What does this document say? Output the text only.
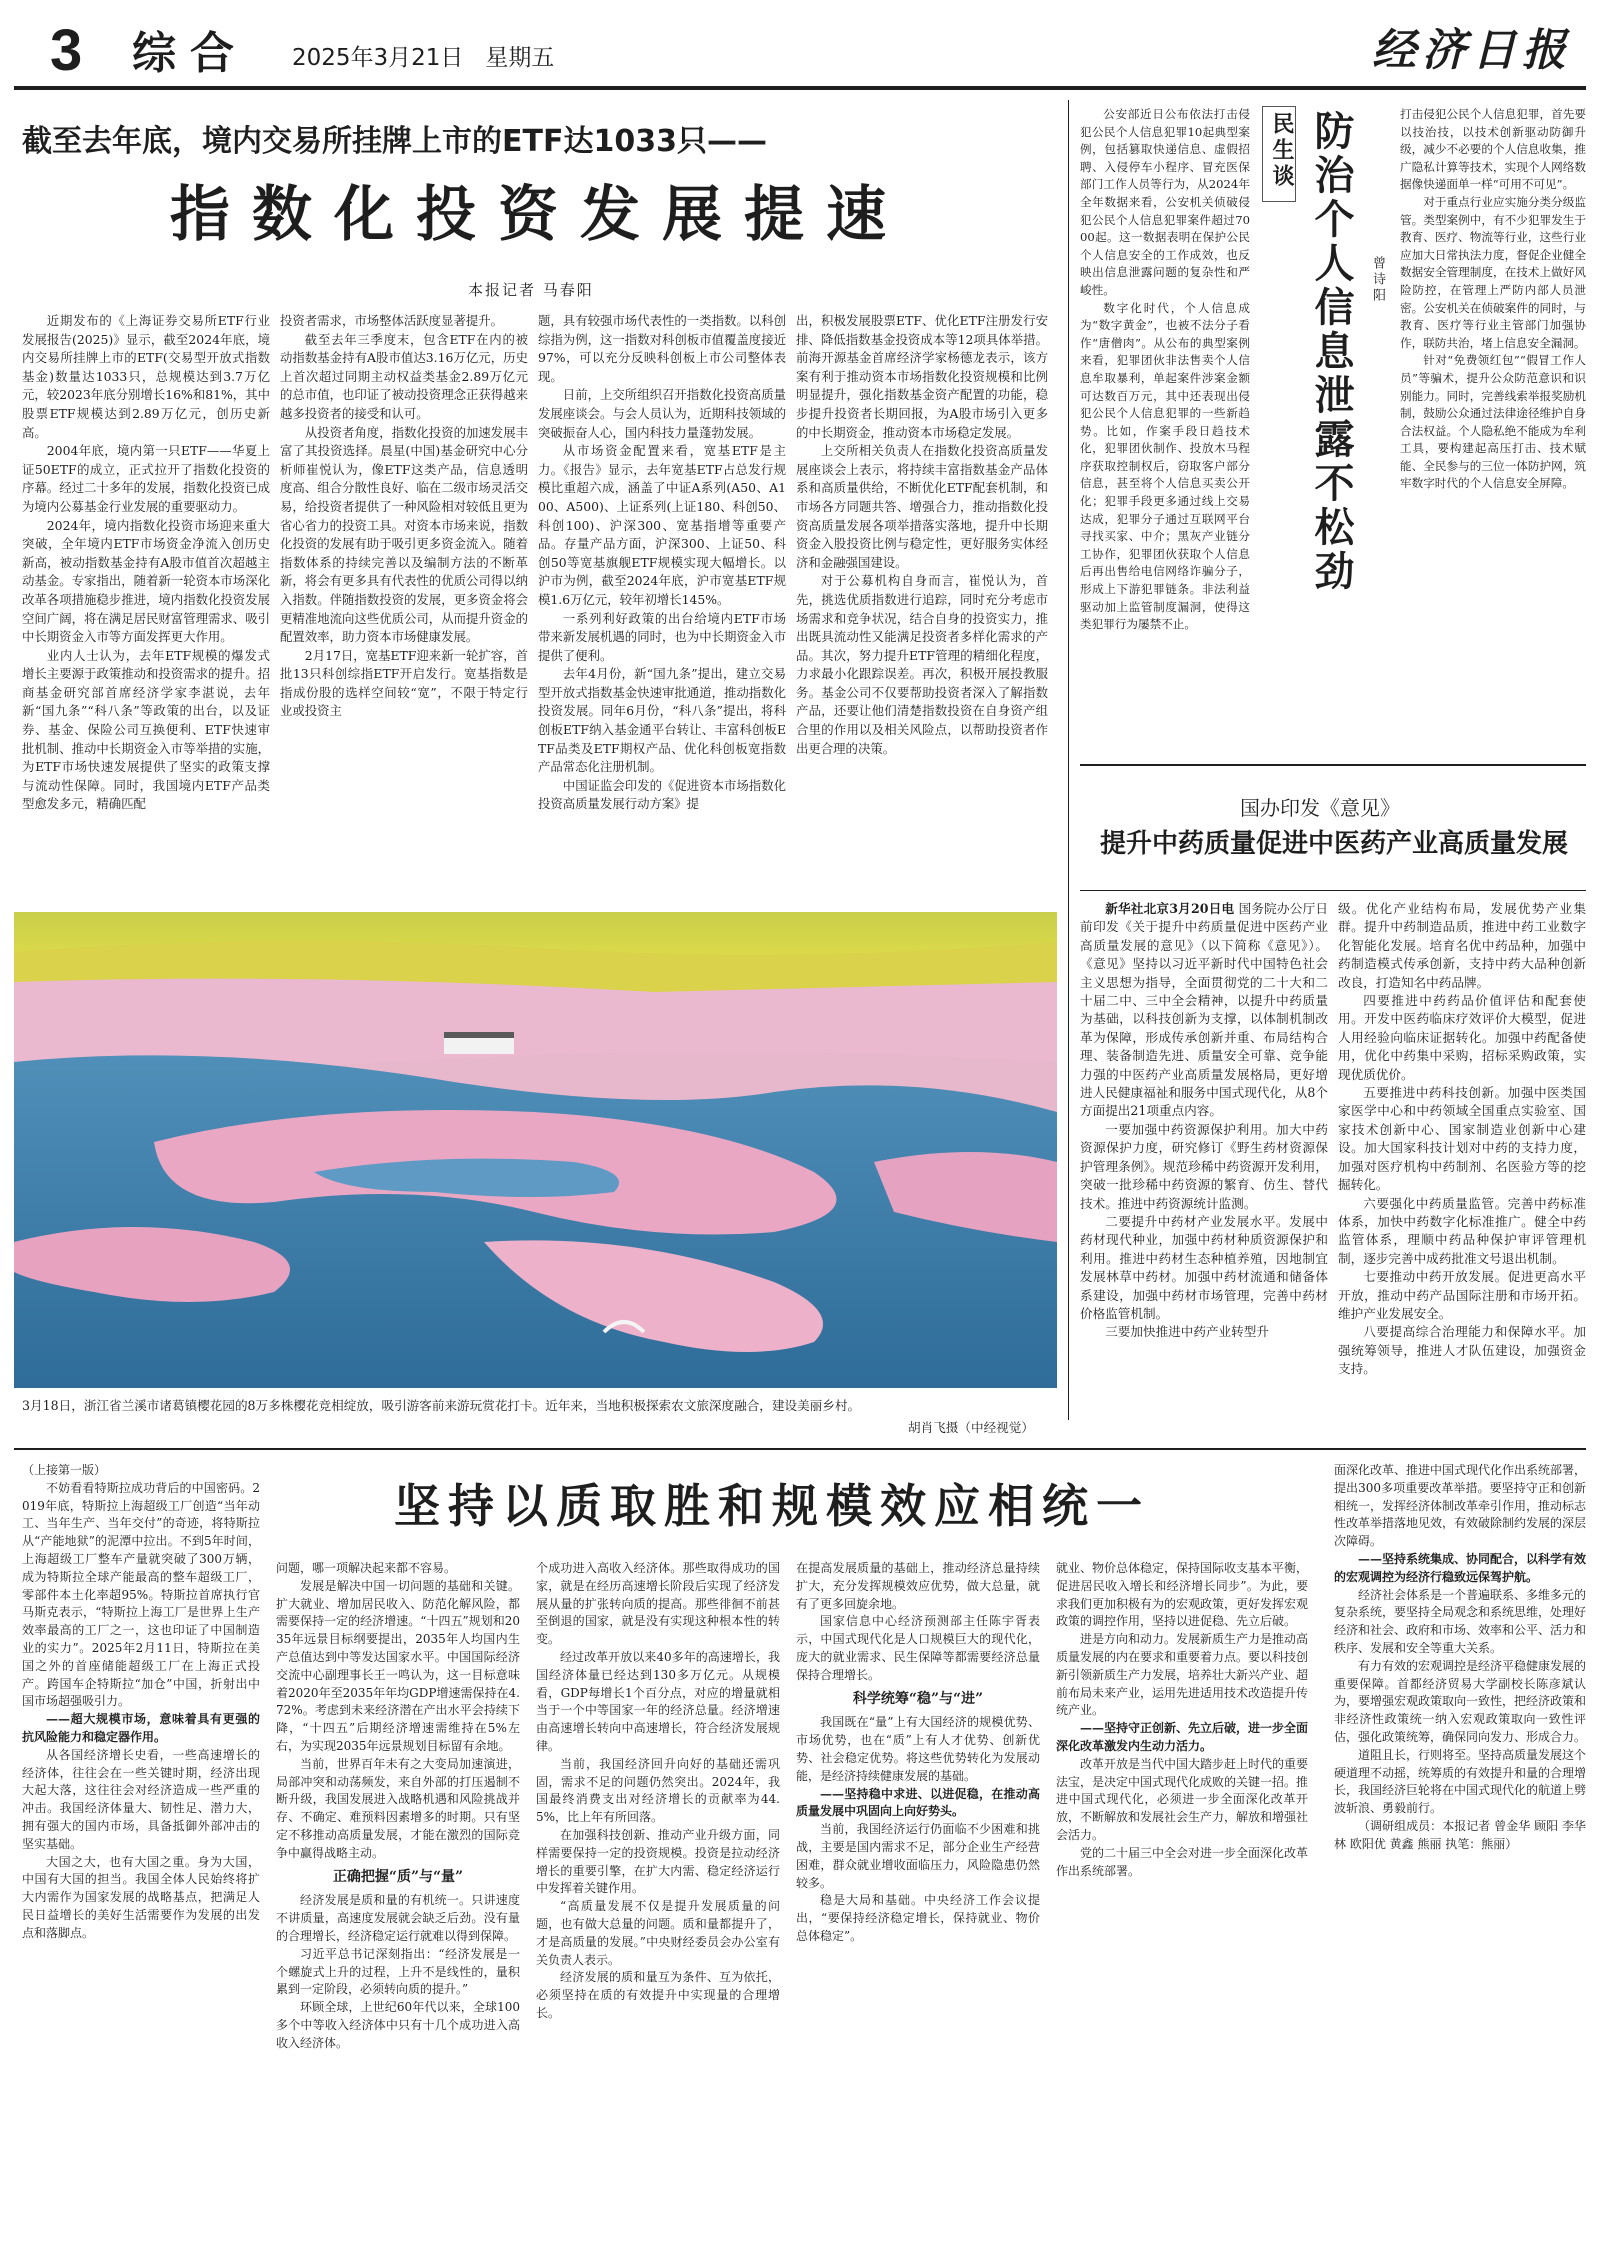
3 综合 2025年3月21日 星期五	经济日报
截至去年底，境内交易所挂牌上市的ETF达1033只——
指数化投资发展提速
本报记者 马春阳

近期发布的《上海证券交易所ETF行业发展报告(2025)》显示，截至2024年底，境内交易所挂牌上市的ETF(交易型开放式指数基金)数量达1033只，总规模达到3.7万亿元，较2023年底分别增长16%和81%，其中股票ETF规模达到2.89万亿元，创历史新高。

2004年底，境内第一只ETF——华夏上证50ETF的成立，正式拉开了指数化投资的序幕。经过二十多年的发展，指数化投资已成为境内公募基金行业发展的重要驱动力。

2024年，境内指数化投资市场迎来重大突破，全年境内ETF市场资金净流入创历史新高，被动指数基金持有A股市值首次超越主动基金。专家指出，随着新一轮资本市场深化改革各项措施稳步推进，境内指数化投资发展空间广阔，将在满足居民财富管理需求、吸引中长期资金入市等方面发挥更大作用。

业内人士认为，去年ETF规模的爆发式增长主要源于政策推动和投资需求的提升。招商基金研究部首席经济学家李湛说，去年新“国九条”“科八条”等政策的出台，以及证券、基金、保险公司互换便利、ETF快速审批机制、推动中长期资金入市等举措的实施，为ETF市场快速发展提供了坚实的政策支撑与流动性保障。同时，我国境内ETF产品类型愈发多元，精确匹配

投资者需求，市场整体活跃度显著提升。

截至去年三季度末，包含ETF在内的被动指数基金持有A股市值达3.16万亿元，历史上首次超过同期主动权益类基金2.89万亿元的总市值，也印证了被动投资理念正获得越来越多投资者的接受和认可。

从投资者角度，指数化投资的加速发展丰富了其投资选择。晨星(中国)基金研究中心分析师崔悦认为，像ETF这类产品，信息透明度高、组合分散性良好、临在二级市场灵活交易，给投资者提供了一种风险相对较低且更为省心省力的投资工具。对资本市场来说，指数化投资的发展有助于吸引更多资金流入。随着指数体系的持续完善以及编制方法的不断革新，将会有更多具有代表性的优质公司得以纳入指数。伴随指数投资的发展，更多资金将会更精准地流向这些优质公司，从而提升资金的配置效率，助力资本市场健康发展。

2月17日，宽基ETF迎来新一轮扩容，首批13只科创综指ETF开启发行。宽基指数是指成份股的选样空间较“宽”，不限于特定行业或投资主

题，具有较强市场代表性的一类指数。以科创综指为例，这一指数对科创板市值覆盖度接近97%，可以充分反映科创板上市公司整体表现。

日前，上交所组织召开指数化投资高质量发展座谈会。与会人员认为，近期科技领域的突破振奋人心，国内科技力量蓬勃发展。

从市场资金配置来看，宽基ETF是主力。《报告》显示，去年宽基ETF占总发行规模比重超六成，涵盖了中证A系列(A50、A100、A500)、上证系列(上证180、科创50、科创100)、沪深300、宽基指增等重要产品。存量产品方面，沪深300、上证50、科创50等宽基旗舰ETF规模实现大幅增长。以沪市为例，截至2024年底，沪市宽基ETF规模1.6万亿元，较年初增长145%。

一系列利好政策的出台给境内ETF市场带来新发展机遇的同时，也为中长期资金入市提供了便利。

去年4月份，新“国九条”提出，建立交易型开放式指数基金快速审批通道，推动指数化投资发展。同年6月份，“科八条”提出，将科创板ETF纳入基金通平台转让、丰富科创板ETF品类及ETF期权产品、优化科创板宽指数产品常态化注册机制。

中国证监会印发的《促进资本市场指数化投资高质量发展行动方案》提

出，积极发展股票ETF、优化ETF注册发行安排、降低指数基金投资成本等12项具体举措。前海开源基金首席经济学家杨德龙表示，该方案有利于推动资本市场指数化投资规模和比例明显提升，强化指数基金资产配置的功能，稳步提升投资者长期回报，为A股市场引入更多的中长期资金，推动资本市场稳定发展。

上交所相关负责人在指数化投资高质量发展座谈会上表示，将持续丰富指数基金产品体系和高质量供给，不断优化ETF配套机制，和市场各方同题共答、增强合力，推动指数化投资高质量发展各项举措落实落地，提升中长期资金入股投资比例与稳定性，更好服务实体经济和金融强国建设。

对于公募机构自身而言，崔悦认为，首先，挑选优质指数进行追踪，同时充分考虑市场需求和竞争状况，结合自身的投资实力，推出既具流动性又能满足投资者多样化需求的产品。其次，努力提升ETF管理的精细化程度，力求最小化跟踪误差。再次，积极开展投教服务。基金公司不仅要帮助投资者深入了解指数产品，还要让他们清楚指数投资在自身资产组合里的作用以及相关风险点，以帮助投资者作出更合理的决策。

3月18日，浙江省兰溪市诸葛镇樱花园的8万多株樱花竞相绽放，吸引游客前来游玩赏花打卡。近年来，当地积极探索农文旅深度融合，建设美丽乡村。
胡肖飞摄（中经视觉）

公安部近日公布依法打击侵犯公民个人信息犯罪10起典型案例，包括篡取快递信息、虚假招聘、入侵停车小程序、冒充医保部门工作人员等行为，从2024年全年数据来看，公安机关侦破侵犯公民个人信息犯罪案件超过7000起。这一数据表明在保护公民个人信息安全的工作成效，也反映出信息泄露问题的复杂性和严峻性。

数字化时代，个人信息成为“数字黄金”，也被不法分子看作“唐僧肉”。从公布的典型案例来看，犯罪团伙非法售卖个人信息牟取暴利，单起案件涉案金额可达数百万元，其中还表现出侵犯公民个人信息犯罪的一些新趋势。比如，作案手段日趋技术化，犯罪团伙制作、投放木马程序获取控制权后，窃取客户部分信息，甚至将个人信息买卖公开化；犯罪手段更多通过线上交易达成，犯罪分子通过互联网平台寻找买家、中介；黑灰产业链分工协作，犯罪团伙获取个人信息后再出售给电信网络诈骗分子，形成上下游犯罪链条。非法利益驱动加上监管制度漏洞，使得这类犯罪行为屡禁不止。

民生谈 防治个人信息泄露不松劲 曾诗阳

打击侵犯公民个人信息犯罪，首先要以技治技，以技术创新驱动防御升级，减少不必要的个人信息收集，推广隐私计算等技术，实现个人网络数据像快递面单一样“可用不可见”。

对于重点行业应实施分类分级监管。类型案例中，有不少犯罪发生于教育、医疗、物流等行业，这些行业应加大日常执法力度，督促企业健全数据安全管理制度，在技术上做好风险防控，在管理上严防内部人员泄密。公安机关在侦破案件的同时，与教育、医疗等行业主管部门加强协作，联防共治，堵上信息安全漏洞。

针对“免费领红包”“假冒工作人员”等骗术，提升公众防范意识和识别能力。同时，完善线索举报奖励机制，鼓励公众通过法律途径维护自身合法权益。个人隐私绝不能成为牟利工具，要构建起高压打击、技术赋能、全民参与的三位一体防护网，筑牢数字时代的个人信息安全屏障。

国办印发《意见》
提升中药质量促进中医药产业高质量发展

新华社北京3月20日电 国务院办公厅日前印发《关于提升中药质量促进中医药产业高质量发展的意见》（以下简称《意见》）。《意见》坚持以习近平新时代中国特色社会主义思想为指导，全面贯彻党的二十大和二十届二中、三中全会精神，以提升中药质量为基础，以科技创新为支撑，以体制机制改革为保障，形成传承创新并重、布局结构合理、装备制造先进、质量安全可靠、竞争能力强的中医药产业高质量发展格局，更好增进人民健康福祉和服务中国式现代化，从8个方面提出21项重点内容。

一要加强中药资源保护利用。加大中药资源保护力度，研究修订《野生药材资源保护管理条例》。规范珍稀中药资源开发利用，突破一批珍稀中药资源的繁育、仿生、替代技术。推进中药资源统计监测。

二要提升中药材产业发展水平。发展中药材现代种业，加强中药材种质资源保护和利用。推进中药材生态种植养殖，因地制宜发展林草中药材。加强中药材流通和储备体系建设，加强中药材市场管理，完善中药材价格监管机制。

三要加快推进中药产业转型升

级。优化产业结构布局，发展优势产业集群。提升中药制造品质，推进中药工业数字化智能化发展。培育名优中药品种，加强中药制造模式传承创新，支持中药大品种创新改良，打造知名中药品牌。

四要推进中药药品价值评估和配套使用。开发中医药临床疗效评价大模型，促进人用经验向临床证据转化。加强中药配备使用，优化中药集中采购，招标采购政策，实现优质优价。

五要推进中药科技创新。加强中医类国家医学中心和中药领域全国重点实验室、国家技术创新中心、国家制造业创新中心建设。加大国家科技计划对中药的支持力度，加强对医疗机构中药制剂、名医验方等的挖掘转化。

六要强化中药质量监管。完善中药标准体系，加快中药数字化标准推广。健全中药监管体系，理顺中药品种保护审评管理机制，逐步完善中成药批准文号退出机制。

七要推动中药开放发展。促进更高水平开放，推动中药产品国际注册和市场开拓。维护产业发展安全。

八要提高综合治理能力和保障水平。加强统筹领导，推进人才队伍建设，加强资金支持。

坚持以质取胜和规模效应相统一

（上接第一版）

不妨看看特斯拉成功背后的中国密码。2019年底，特斯拉上海超级工厂创造“当年动工、当年生产、当年交付”的奇迹，将特斯拉从“产能地狱”的泥潭中拉出。不到5年时间，上海超级工厂整车产量就突破了300万辆，成为特斯拉全球产能最高的整车超级工厂，零部件本土化率超95%。特斯拉首席执行官马斯克表示，“特斯拉上海工厂是世界上生产效率最高的工厂之一，这也印证了中国制造业的实力”。2025年2月11日，特斯拉在美国之外的首座储能超级工厂在上海正式投产。跨国车企特斯拉“加仓”中国，折射出中国市场超强吸引力。

——超大规模市场，意味着具有更强的抗风险能力和稳定器作用。

从各国经济增长史看，一些高速增长的经济体，往往会在一些关键时期，经济出现大起大落，这往往会对经济造成一些严重的冲击。我国经济体量大、韧性足、潜力大，拥有强大的国内市场，具备抵御外部冲击的坚实基础。

大国之大，也有大国之重。身为大国，中国有大国的担当。我国全体人民始终将扩大内需作为国家发展的战略基点，把满足人民日益增长的美好生活需要作为发展的出发点和落脚点。

问题，哪一项解决起来都不容易。

发展是解决中国一切问题的基础和关键。扩大就业、增加居民收入、防范化解风险，都需要保持一定的经济增速。“十四五”规划和2035年远景目标纲要提出，2035年人均国内生产总值达到中等发达国家水平。中国国际经济交流中心副理事长王一鸣认为，这一目标意味着2020年至2035年年均GDP增速需保持在4.72%。考虑到未来经济潜在产出水平会持续下降，“十四五”后期经济增速需维持在5%左右，为实现2035年远景规划目标留有余地。

当前，世界百年未有之大变局加速演进，局部冲突和动荡频发，来自外部的打压遏制不断升级，我国发展进入战略机遇和风险挑战并存、不确定、难预料因素增多的时期。只有坚定不移推动高质量发展，才能在激烈的国际竞争中赢得战略主动。

正确把握“质”与“量”

经济发展是质和量的有机统一。只讲速度不讲质量，高速度发展就会缺乏后劲。没有量的合理增长，经济稳定运行就难以得到保障。

习近平总书记深刻指出：“经济发展是一个螺旋式上升的过程，上升不是线性的，量积累到一定阶段，必须转向质的提升。”

环顾全球，上世纪60年代以来，全球100多个中等收入经济体中只有十几个成功进入高收入经济体。

个成功进入高收入经济体。那些取得成功的国家，就是在经历高速增长阶段后实现了经济发展从量的扩张转向质的提高。那些徘徊不前甚至倒退的国家，就是没有实现这种根本性的转变。

经过改革开放以来40多年的高速增长，我国经济体量已经达到130多万亿元。从规模看，GDP每增长1个百分点，对应的增量就相当于一个中等国家一年的经济总量。经济增速由高速增长转向中高速增长，符合经济发展规律。

当前，我国经济回升向好的基础还需巩固，需求不足的问题仍然突出。2024年，我国最终消费支出对经济增长的贡献率为44.5%，比上年有所回落。

在加强科技创新、推动产业升级方面，同样需要保持一定的投资规模。投资是拉动经济增长的重要引擎，在扩大内需、稳定经济运行中发挥着关键作用。

“高质量发展不仅是提升发展质量的问题，也有做大总量的问题。质和量都提升了，才是高质量的发展。”中央财经委员会办公室有关负责人表示。

经济发展的质和量互为条件、互为依托，必须坚持在质的有效提升中实现量的合理增长。

在提高发展质量的基础上，推动经济总量持续扩大，充分发挥规模效应优势，做大总量，就有了更多回旋余地。

国家信息中心经济预测部主任陈宇胥表示，中国式现代化是人口规模巨大的现代化，庞大的就业需求、民生保障等都需要经济总量保持合理增长。

科学统筹“稳”与“进”

我国既在“量”上有大国经济的规模优势、市场优势，也在“质”上有人才优势、创新优势、社会稳定优势。将这些优势转化为发展动能，是经济持续健康发展的基础。

——坚持稳中求进、以进促稳，在推动高质量发展中巩固向上向好势头。

当前，我国经济运行仍面临不少困难和挑战，主要是国内需求不足，部分企业生产经营困难，群众就业增收面临压力，风险隐患仍然较多。

稳是大局和基础。中央经济工作会议提出，“要保持经济稳定增长，保持就业、物价总体稳定”。

就业、物价总体稳定，保持国际收支基本平衡，促进居民收入增长和经济增长同步”。为此，要求我们更加积极有为的宏观政策，更好发挥宏观政策的调控作用，坚持以进促稳、先立后破。

进是方向和动力。发展新质生产力是推动高质量发展的内在要求和重要着力点。要以科技创新引领新质生产力发展，培养壮大新兴产业、超前布局未来产业，运用先进适用技术改造提升传统产业。

——坚持守正创新、先立后破，进一步全面深化改革激发内生动力活力。

改革开放是当代中国大踏步赶上时代的重要法宝，是决定中国式现代化成败的关键一招。推进中国式现代化，必须进一步全面深化改革开放，不断解放和发展社会生产力，解放和增强社会活力。

党的二十届三中全会对进一步全面深化改革作出系统部署。

面深化改革、推进中国式现代化作出系统部署，提出300多项重要改革举措。要坚持守正和创新相统一，发挥经济体制改革牵引作用，推动标志性改革举措落地见效，有效破除制约发展的深层次障碍。

——坚持系统集成、协同配合，以科学有效的宏观调控为经济行稳致远保驾护航。

经济社会体系是一个普遍联系、多维多元的复杂系统，要坚持全局观念和系统思维，处理好经济和社会、政府和市场、效率和公平、活力和秩序、发展和安全等重大关系。

有力有效的宏观调控是经济平稳健康发展的重要保障。首都经济贸易大学副校长陈彦斌认为，要增强宏观政策取向一致性，把经济政策和非经济性政策统一纳入宏观政策取向一致性评估，强化政策统筹，确保同向发力、形成合力。

道阻且长，行则将至。坚持高质量发展这个硬道理不动摇，统筹质的有效提升和量的合理增长，我国经济巨轮将在中国式现代化的航道上劈波斩浪、勇毅前行。

（调研组成员：本报记者 曾金华 顾阳 李华林 欧阳优 黄鑫 熊丽 执笔：熊丽）
